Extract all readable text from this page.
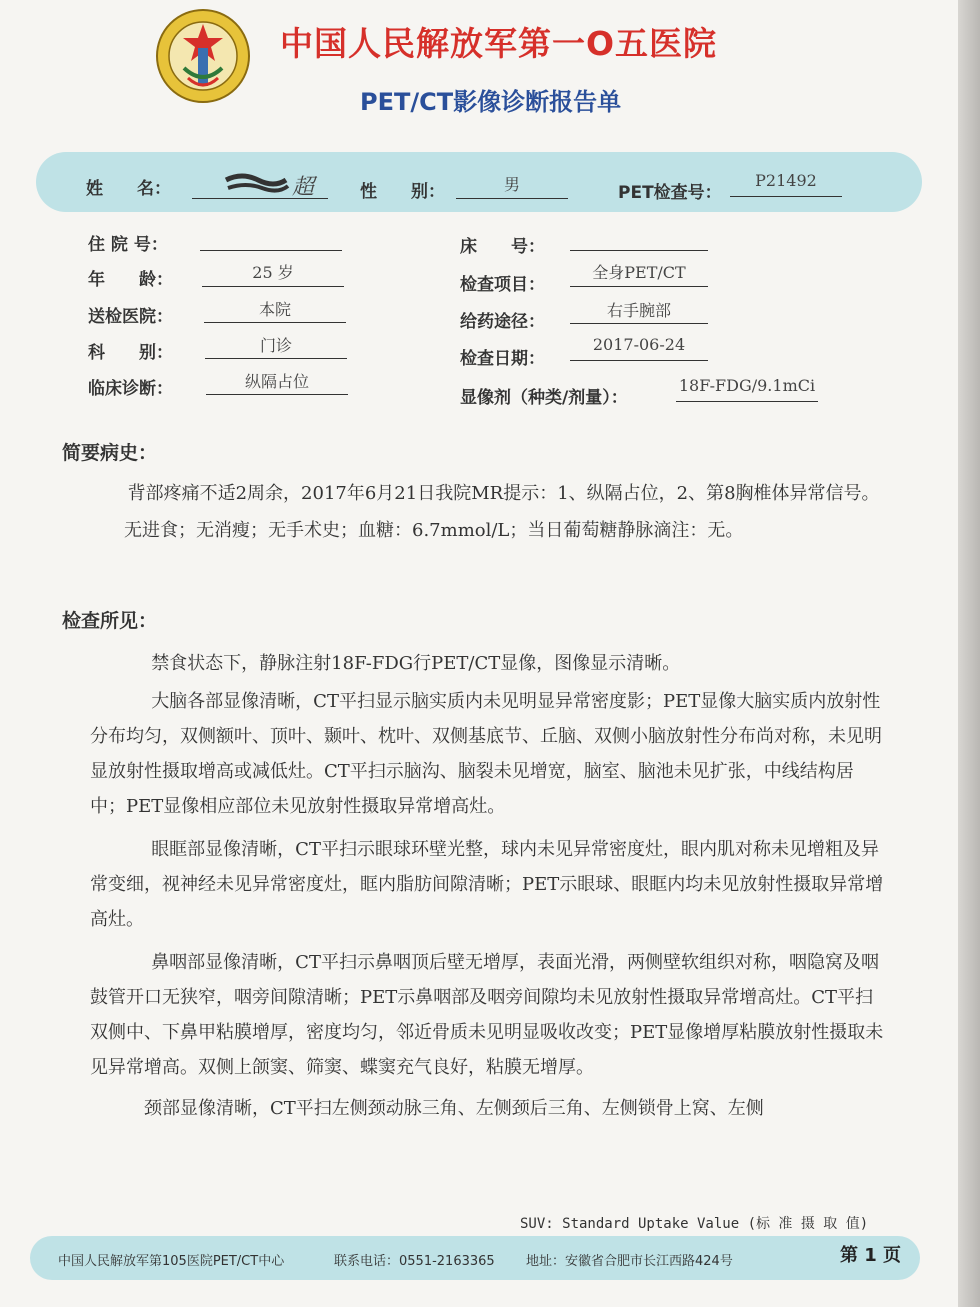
中国人民解放军第一O五医院
PET/CT影像诊断报告单
姓　　名：	超	性　　别：	男	PET检查号：
P21492
住 院 号：
年　　龄：	25 岁
送检医院：	本院
科　　别：	门诊
临床诊断：	纵隔占位
床　　号：
检查项目：
全身PET/CT
给药途径：
右手腕部
检查日期：
2017-06-24
显像剂（种类/剂量）：
18F-FDG/9.1mCi
简要病史：

背部疼痛不适2周余，2017年6月21日我院MR提示：1、纵隔占位，2、第8胸椎体异常信号。

无进食；无消瘦；无手术史；血糖：6.7mmol/L；当日葡萄糖静脉滴注：无。

检查所见：

禁食状态下，静脉注射18F-FDG行PET/CT显像，图像显示清晰。

大脑各部显像清晰，CT平扫显示脑实质内未见明显异常密度影；PET显像大脑实质内放射性分布均匀，双侧额叶、顶叶、颞叶、枕叶、双侧基底节、丘脑、双侧小脑放射性分布尚对称，未见明显放射性摄取增高或减低灶。CT平扫示脑沟、脑裂未见增宽，脑室、脑池未见扩张，中线结构居中；PET显像相应部位未见放射性摄取异常增高灶。

眼眶部显像清晰，CT平扫示眼球环壁光整，球内未见异常密度灶，眼内肌对称未见增粗及异常变细，视神经未见异常密度灶，眶内脂肪间隙清晰；PET示眼球、眼眶内均未见放射性摄取异常增高灶。

鼻咽部显像清晰，CT平扫示鼻咽顶后壁无增厚，表面光滑，两侧壁软组织对称，咽隐窝及咽鼓管开口无狭窄，咽旁间隙清晰；PET示鼻咽部及咽旁间隙均未见放射性摄取异常增高灶。CT平扫双侧中、下鼻甲粘膜增厚，密度均匀，邻近骨质未见明显吸收改变；PET显像增厚粘膜放射性摄取未见异常增高。双侧上颌窦、筛窦、蝶窦充气良好，粘膜无增厚。

颈部显像清晰，CT平扫左侧颈动脉三角、左侧颈后三角、左侧锁骨上窝、左侧

SUV: Standard Uptake Value (标 准 摄 取 值)
中国人民解放军第105医院PET/CT中心	联系电话：0551-2163365 地址：安徽省合肥市长江西路424号	第 1 页
